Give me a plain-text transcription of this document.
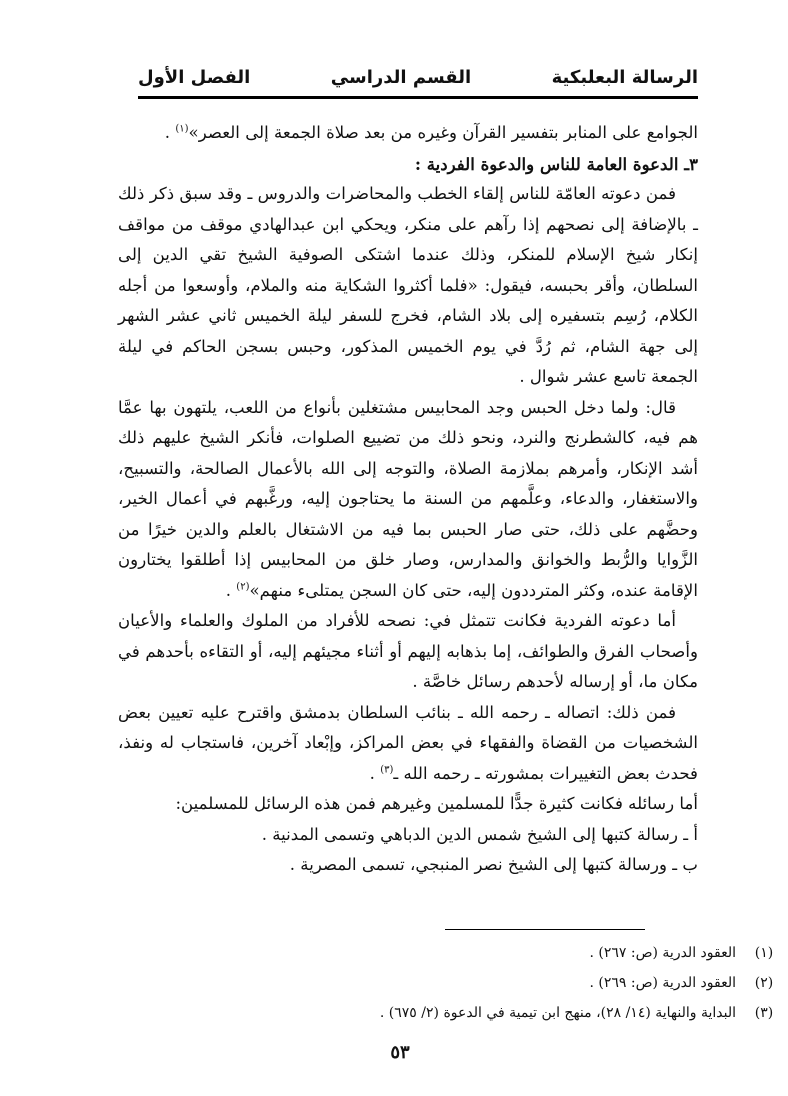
الرسالة البعلبكية
القسم الدراسي
الفصل الأول

الجوامع على المنابر بتفسير القرآن وغيره من بعد صلاة الجمعة إلى العصر»$^{(١)}$ .

٣ـ الدعوة العامة للناس والدعوة الفردية :

فمن دعوته العامّة للناس إلقاء الخطب والمحاضرات والدروس ـ وقد سبق ذكر ذلك ـ بالإضافة إلى نصحهم إذا رآهم على منكر، ويحكي ابن عبدالهادي موقف من مواقف إنكار شيخ الإسلام للمنكر، وذلك عندما اشتكى الصوفية الشيخ تقي الدين إلى السلطان، وأقر بحبسه، فيقول: «فلما أكثروا الشكاية منه والملام، وأوسعوا من أجله الكلام، رُسِم بتسفيره إلى بلاد الشام، فخرج للسفر ليلة الخميس ثاني عشر الشهر إلى جهة الشام، ثم رُدَّ في يوم الخميس المذكور، وحبس بسجن الحاكم في ليلة الجمعة تاسع عشر شوال .

قال: ولما دخل الحبس وجد المحابيس مشتغلين بأنواع من اللعب، يلتهون بها عمَّا هم فيه، كالشطرنج والنرد، ونحو ذلك من تضييع الصلوات، فأنكر الشيخ عليهم ذلك أشد الإنكار، وأمرهم بملازمة الصلاة، والتوجه إلى الله بالأعمال الصالحة، والتسبيح، والاستغفار، والدعاء، وعلَّمهم من السنة ما يحتاجون إليه، ورغَّبهم في أعمال الخير، وحضَّهم على ذلك، حتى صار الحبس بما فيه من الاشتغال بالعلم والدين خيرًا من الزَّوايا والرُّبط والخوانق والمدارس، وصار خلق من المحابيس إذا أطلقوا يختارون الإقامة عنده، وكثر المترددون إليه، حتى كان السجن يمتلىء منهم»$^{(٢)}$ .

أما دعوته الفردية فكانت تتمثل في: نصحه للأفراد من الملوك والعلماء والأعيان وأصحاب الفرق والطوائف، إما بذهابه إليهم أو أثناء مجيئهم إليه، أو التقاءه بأحدهم في مكان ما، أو إرساله لأحدهم رسائل خاصَّة .

فمن ذلك: اتصاله ـ رحمه الله ـ بنائب السلطان بدمشق واقترح عليه تعيين بعض الشخصيات من القضاة والفقهاء في بعض المراكز، وإبْعاد آخرين، فاستجاب له ونفذ، فحدث بعض التغييرات بمشورته ـ رحمه الله ـ$^{(٣)}$ .

أما رسائله فكانت كثيرة جدًّا للمسلمين وغيرهم فمن هذه الرسائل للمسلمين:

أ ـ رسالة كتبها إلى الشيخ شمس الدين الدباهي وتسمى المدنية .

ب ـ ورسالة كتبها إلى الشيخ نصر المنبجي، تسمى المصرية .

(١)
العقود الدرية (ص: ٢٦٧) .
(٢)
العقود الدرية (ص: ٢٦٩) .
(٣)
البداية والنهاية (١٤/ ٢٨)، منهج ابن تيمية في الدعوة (٢/ ٦٧٥) .
٥٣
